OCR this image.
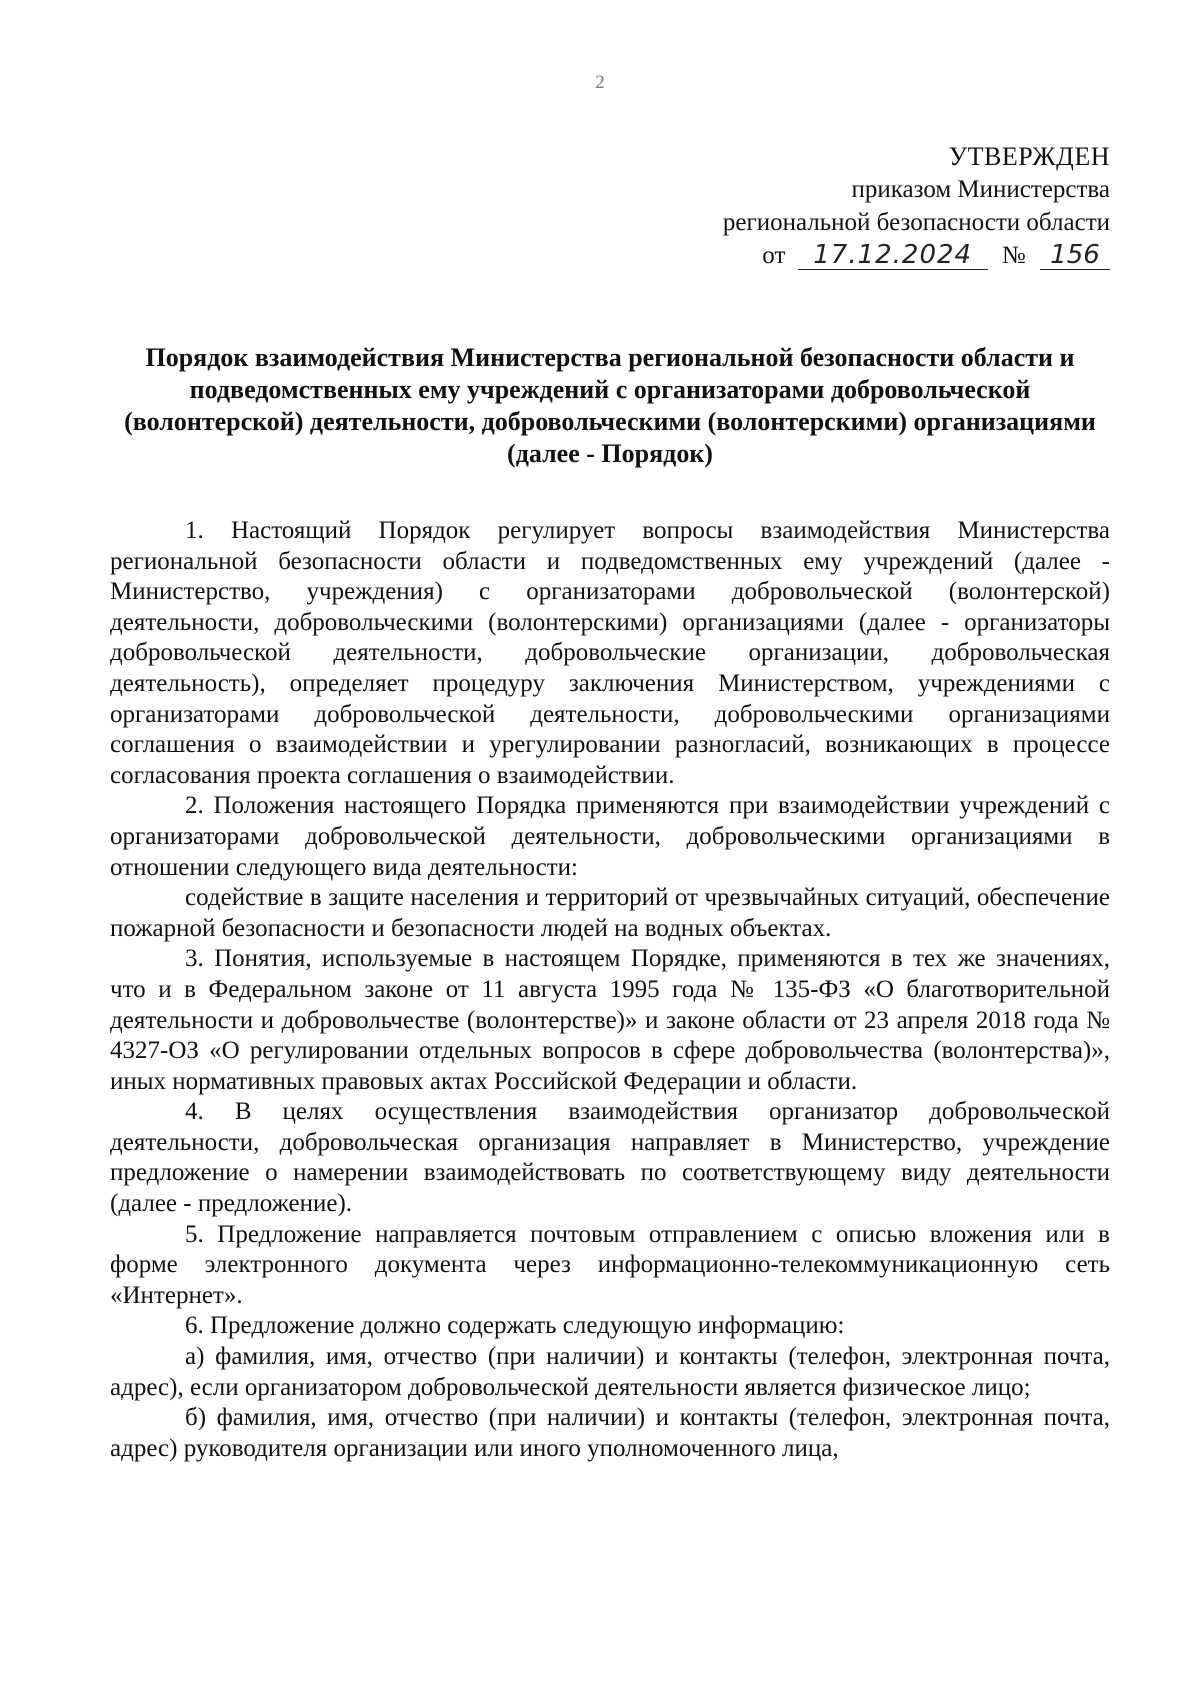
2
УТВЕРЖДЕН
приказом Министерства
региональной безопасности области
от 17.12.2024 № 156
Порядок взаимодействия Министерства региональной безопасности области и подведомственных ему учреждений с организаторами добровольческой (волонтерской) деятельности, добровольческими (волонтерскими) организациями (далее - Порядок)

1. Настоящий Порядок регулирует вопросы взаимодействия Министерства региональной безопасности области и подведомственных ему учреждений (далее - Министерство, учреждения) с организаторами добровольческой (волонтерской) деятельности, добровольческими (волонтерскими) организациями (далее - организаторы добровольческой деятельности, добровольческие организации, добровольческая деятельность), определяет процедуру заключения Министерством, учреждениями с организаторами добровольческой деятельности, добровольческими организациями соглашения о взаимодействии и урегулировании разногласий, возникающих в процессе согласования проекта соглашения о взаимодействии.

2. Положения настоящего Порядка применяются при взаимодействии учреждений с организаторами добровольческой деятельности, добровольческими организациями в отношении следующего вида деятельности:

содействие в защите населения и территорий от чрезвычайных ситуаций, обеспечение пожарной безопасности и безопасности людей на водных объектах.

3. Понятия, используемые в настоящем Порядке, применяются в тех же значениях, что и в Федеральном законе от 11 августа 1995 года № 135-ФЗ «О благотворительной деятельности и добровольчестве (волонтерстве)» и законе области от 23 апреля 2018 года № 4327-ОЗ «О регулировании отдельных вопросов в сфере добровольчества (волонтерства)», иных нормативных правовых актах Российской Федерации и области.

4. В целях осуществления взаимодействия организатор добровольческой деятельности, добровольческая организация направляет в Министерство, учреждение предложение о намерении взаимодействовать по соответствующему виду деятельности (далее - предложение).

5. Предложение направляется почтовым отправлением с описью вложения или в форме электронного документа через информационно-телекоммуникационную сеть «Интернет».

6. Предложение должно содержать следующую информацию:

а) фамилия, имя, отчество (при наличии) и контакты (телефон, электронная почта, адрес), если организатором добровольческой деятельности является физическое лицо;

б) фамилия, имя, отчество (при наличии) и контакты (телефон, электронная почта, адрес) руководителя организации или иного уполномоченного лица,
